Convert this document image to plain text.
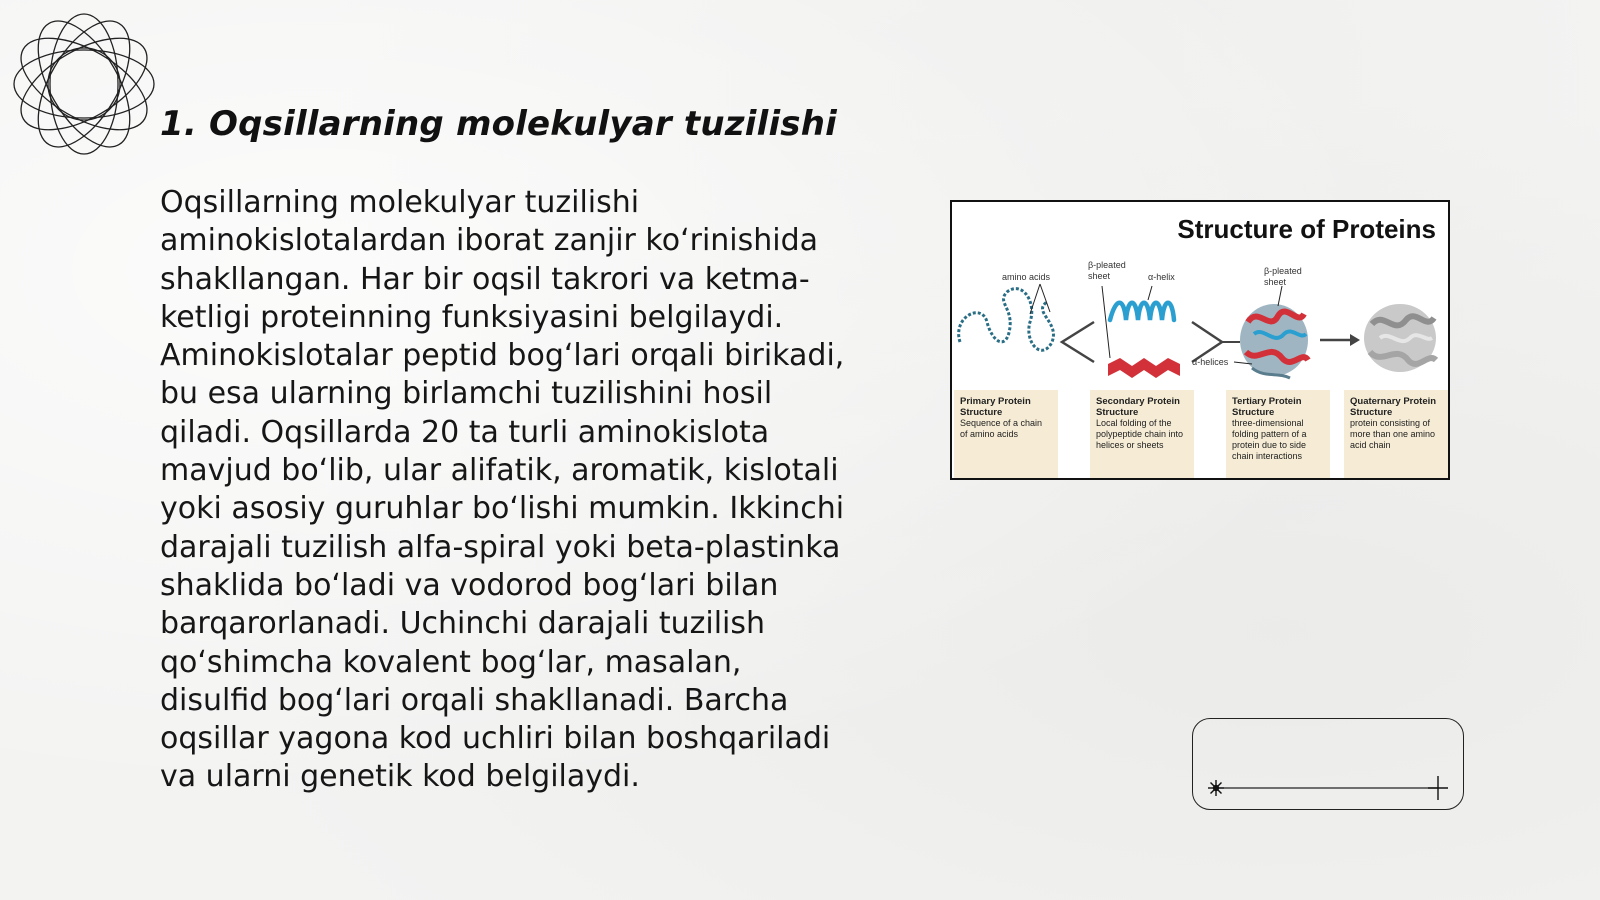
1. Oqsillarning molekulyar tuzilishi

Oqsillarning molekulyar tuzilishi aminokislotalardan iborat zanjir ko‘rinishida shakllangan. Har bir oqsil takrori va ketma-ketligi proteinning funksiyasini belgilaydi. Aminokislotalar peptid bog‘lari orqali birikadi, bu esa ularning birlamchi tuzilishini hosil qiladi. Oqsillarda 20 ta turli aminokislota mavjud bo‘lib, ular alifatik, aromatik, kislotali yoki asosiy guruhlar bo‘lishi mumkin. Ikkinchi darajali tuzilish alfa-spiral yoki beta-plastinka shaklida bo‘ladi va vodorod bog‘lari bilan barqarorlanadi. Uchinchi darajali tuzilish qo‘shimcha kovalent bog‘lar, masalan, disulfid bog‘lari orqali shakllanadi. Barcha oqsillar yagona kod uchliri bilan boshqariladi va ularni genetik kod belgilaydi.

Structure of Proteins
amino acids
β-pleated sheet	α-helix
β-pleated sheet
α-helices
Primary Protein Structure
Sequence of a chain of amino acids
Secondary Protein Structure
Local folding of the polypeptide chain into helices or sheets
Tertiary Protein Structure
three-dimensional folding pattern of a protein due to side chain interactions
Quaternary Protein Structure
protein consisting of more than one amino acid chain
